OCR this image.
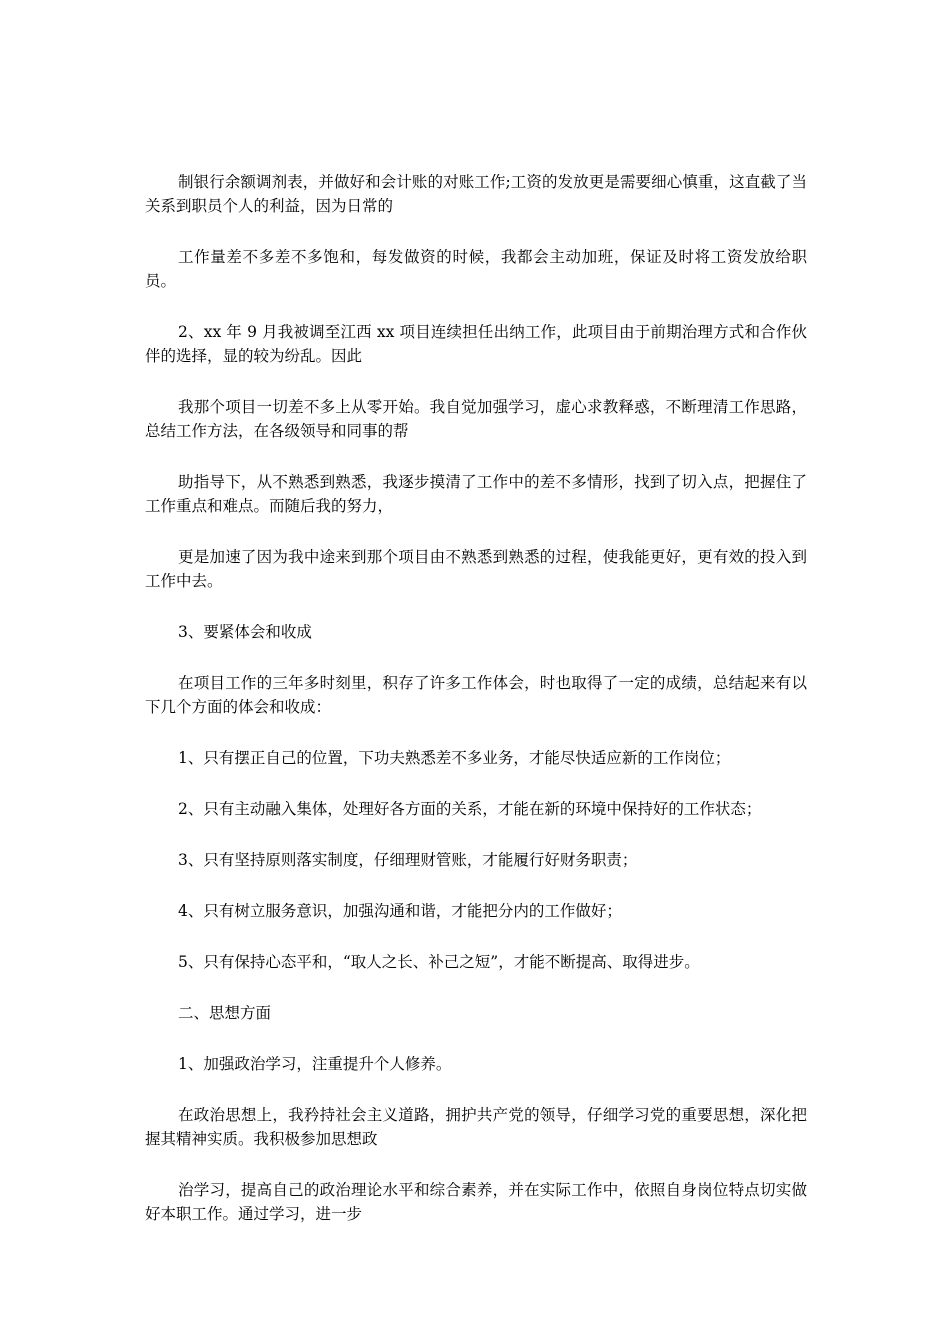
制银行余额调剂表，并做好和会计账的对账工作;工资的发放更是需要细心慎重，这直截了当关系到职员个人的利益，因为日常的

工作量差不多差不多饱和，每发做资的时候，我都会主动加班，保证及时将工资发放给职员。

2、xx 年 9 月我被调至江西 xx 项目连续担任出纳工作，此项目由于前期治理方式和合作伙伴的选择，显的较为纷乱。因此

我那个项目一切差不多上从零开始。我自觉加强学习，虚心求教释惑，不断理清工作思路，总结工作方法，在各级领导和同事的帮

助指导下，从不熟悉到熟悉，我逐步摸清了工作中的差不多情形，找到了切入点，把握住了工作重点和难点。而随后我的努力，

更是加速了因为我中途来到那个项目由不熟悉到熟悉的过程，使我能更好，更有效的投入到工作中去。

3、要紧体会和收成

在项目工作的三年多时刻里，积存了许多工作体会，时也取得了一定的成绩，总结起来有以下几个方面的体会和收成：

1、只有摆正自己的位置，下功夫熟悉差不多业务，才能尽快适应新的工作岗位；

2、只有主动融入集体，处理好各方面的关系，才能在新的环境中保持好的工作状态；

3、只有坚持原则落实制度，仔细理财管账，才能履行好财务职责；

4、只有树立服务意识，加强沟通和谐，才能把分内的工作做好；

5、只有保持心态平和，“取人之长、补己之短”，才能不断提高、取得进步。

二、思想方面

1、加强政治学习，注重提升个人修养。

在政治思想上，我矜持社会主义道路，拥护共产党的领导，仔细学习党的重要思想，深化把握其精神实质。我积极参加思想政

治学习，提高自己的政治理论水平和综合素养，并在实际工作中，依照自身岗位特点切实做好本职工作。通过学习，进一步
